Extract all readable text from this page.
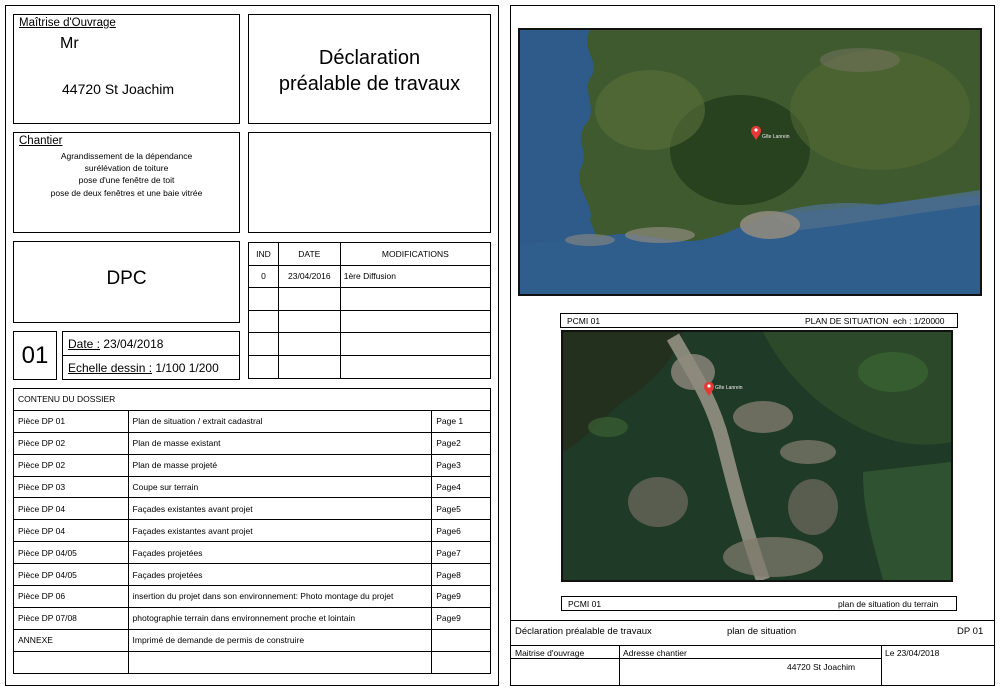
Maîtrise d'Ouvrage
Mr
44720 St Joachim
Déclaration
préalable de travaux
Chantier
Agrandissement de la dépendance
surélévation de toiture
pose d'une fenêtre de toit
pose de deux fenêtres et une baie vitrée
DPC
01	Date : 23/04/2018
Echelle dessin : 1/100 1/200
IND	DATE	MODIFICATIONS
0	23/04/2016	1ère Diffusion

CONTENU DU DOSSIER		
Pièce DP 01	Plan de situation / extrait cadastral	Page 1
Pièce DP 02	Plan de masse existant	Page2
Pièce DP 02	Plan de masse projeté	Page3
Pièce DP 03	Coupe sur terrain	Page4
Pièce DP 04	Façades existantes avant projet	Page5
Pièce DP 04	Façades existantes avant projet	Page6
Pièce DP 04/05	Façades projetées	Page7
Pièce DP 04/05	Façades projetées	Page8
Pièce DP 06	insertion du projet dans son environnement: Photo montage du projet	Page9
Pièce DP 07/08	photographie terrain dans environnement proche et lointain	Page9
ANNEXE	Imprimé de demande de permis de construire	

Gîte Lanrein
PCMI 01	PLAN DE SITUATION ech : 1/20000
Gîte Lanrein
PCMI 01	plan de situation du terrain
Déclaration préalable de travaux	plan de situation	DP 01
Maitrise d'ouvrage	Adresse chantier	Le 23/04/2018
44720 St Joachim
